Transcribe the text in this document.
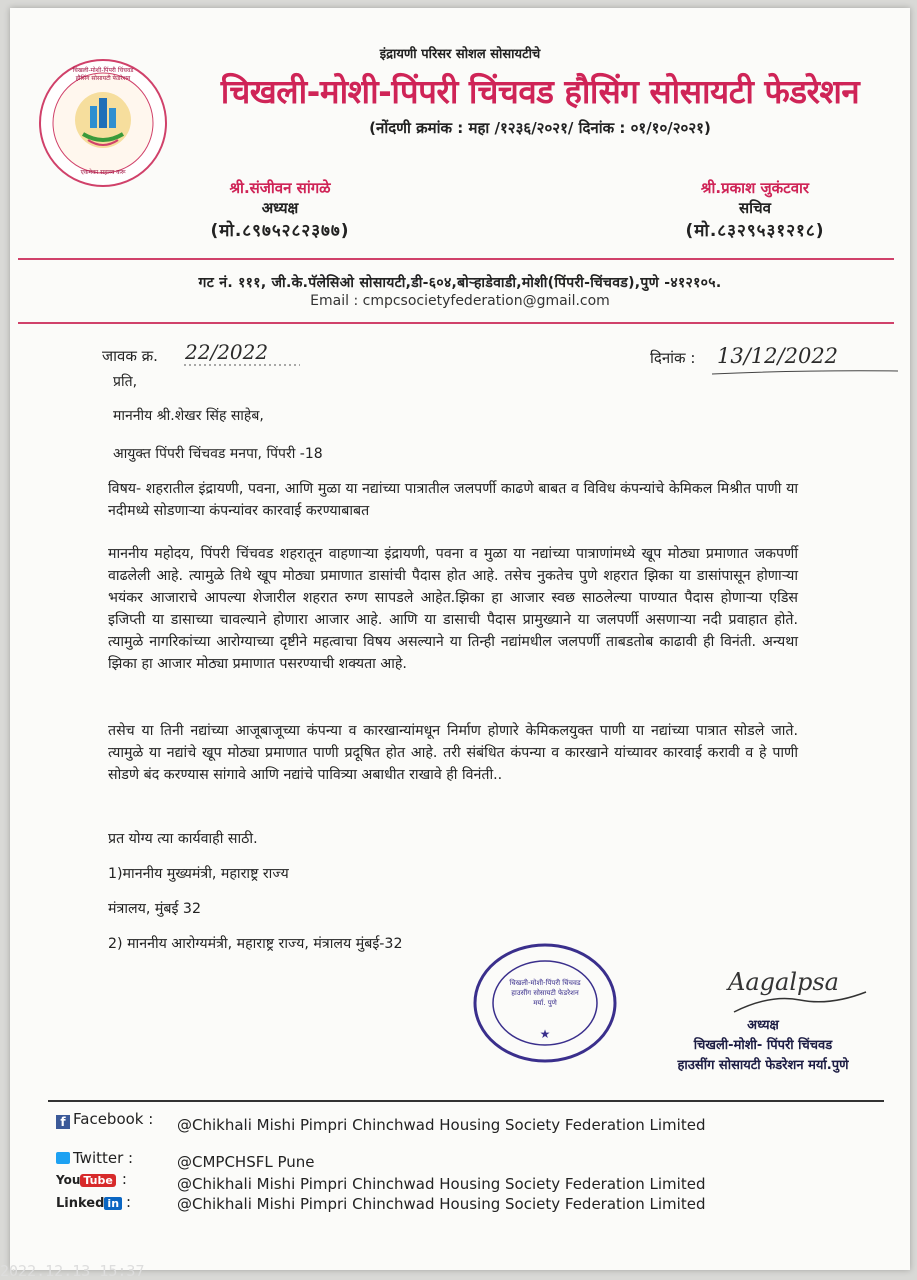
चिखली-मोशी-पिंपरी चिंचवड हौसिंग सोसायटी फेडरेशन
एकमेका सहाय्य करू
इंद्रायणी परिसर सोशल सोसायटीचे
चिखली-मोशी-पिंपरी चिंचवड हौसिंग सोसायटी फेडरेशन
(नोंदणी क्रमांक : महा /१२३६/२०२१/ दिनांक : ०१/१०/२०२१)
श्री.संजीवन सांगळे
अध्यक्ष
(मो.८९७५२८२३७७)
श्री.प्रकाश जुकंटवार
सचिव
(मो.८३२९५३१२१८)
गट नं. १११, जी.के.पॅलेसिओ सोसायटी,डी-६०४,बोऱ्हाडेवाडी,मोशी(पिंपरी-चिंचवड),पुणे -४१२१०५.
Email : cmpcsocietyfederation@gmail.com
जावक क्र. 22/2022	दिनांक : 13/12/2022
प्रति,
माननीय श्री.शेखर सिंह साहेब,
आयुक्त पिंपरी चिंचवड मनपा, पिंपरी -18
विषय- शहरातील इंद्रायणी, पवना, आणि मुळा या नद्यांच्या पात्रातील जलपर्णी काढणे बाबत व विविध कंपन्यांचे केमिकल मिश्रीत पाणी या नदीमध्ये सोडणाऱ्या कंपन्यांवर कारवाई करण्याबाबत
माननीय महोदय, पिंपरी चिंचवड शहरातून वाहणाऱ्या इंद्रायणी, पवना व मुळा या नद्यांच्या पात्राणांमध्ये खूप मोठ्या प्रमाणात जकपर्णी वाढलेली आहे. त्यामुळे तिथे खूप मोठ्या प्रमाणात डासांची पैदास होत आहे. तसेच नुकतेच पुणे शहरात झिका या डासांपासून होणाऱ्या भयंकर आजाराचे आपल्या शेजारील शहरात रुग्ण सापडले आहेत.झिका हा आजार स्वछ साठलेल्या पाण्यात पैदास होणाऱ्या एडिस इजिप्ती या डासाच्या चावल्याने होणारा आजार आहे. आणि या डासाची पैदास प्रामुख्याने या जलपर्णी असणाऱ्या नदी प्रवाहात होते. त्यामुळे नागरिकांच्या आरोग्याच्या दृष्टीने महत्वाचा विषय असल्याने या तिन्ही नद्यांमधील जलपर्णी ताबडतोब काढावी ही विनंती. अन्यथा झिका हा आजार मोठ्या प्रमाणात पसरण्याची शक्यता आहे.
तसेच या तिनी नद्यांच्या आजूबाजूच्या कंपन्या व कारखान्यांमधून निर्माण होणारे केमिकलयुक्त पाणी या नद्यांच्या पात्रात सोडले जाते. त्यामुळे या नद्यांचे खूप मोठ्या प्रमाणात पाणी प्रदूषित होत आहे. तरी संबंधित कंपन्या व कारखाने यांच्यावर कारवाई करावी व हे पाणी सोडणे बंद करण्यास सांगावे आणि नद्यांचे पावित्र्या अबाधीत राखावे ही विनंती..
प्रत योग्य त्या कार्यवाही साठी.
1)माननीय मुख्यमंत्री, महाराष्ट्र राज्य
मंत्रालय, मुंबई 32
2) माननीय आरोग्यमंत्री, महाराष्ट्र राज्य, मंत्रालय मुंबई-32
★
चिखली-मोशी-पिंपरी चिंचवड हाउसींग सोसायटी फेडरेशन मर्या. पुणे
Aagalpsa
अध्यक्ष
चिखली-मोशी- पिंपरी चिंचवड
हाउसींग सोसायटी फेडरेशन मर्या.पुणे
f Facebook : @Chikhali Mishi Pimpri Chinchwad Housing Society Federation Limited
Twitter :	@CMPCHSFL Pune
You Tube :	@Chikhali Mishi Pimpri Chinchwad Housing Society Federation Limited
Linked in :	@Chikhali Mishi Pimpri Chinchwad Housing Society Federation Limited
2022.12.13 15:37
